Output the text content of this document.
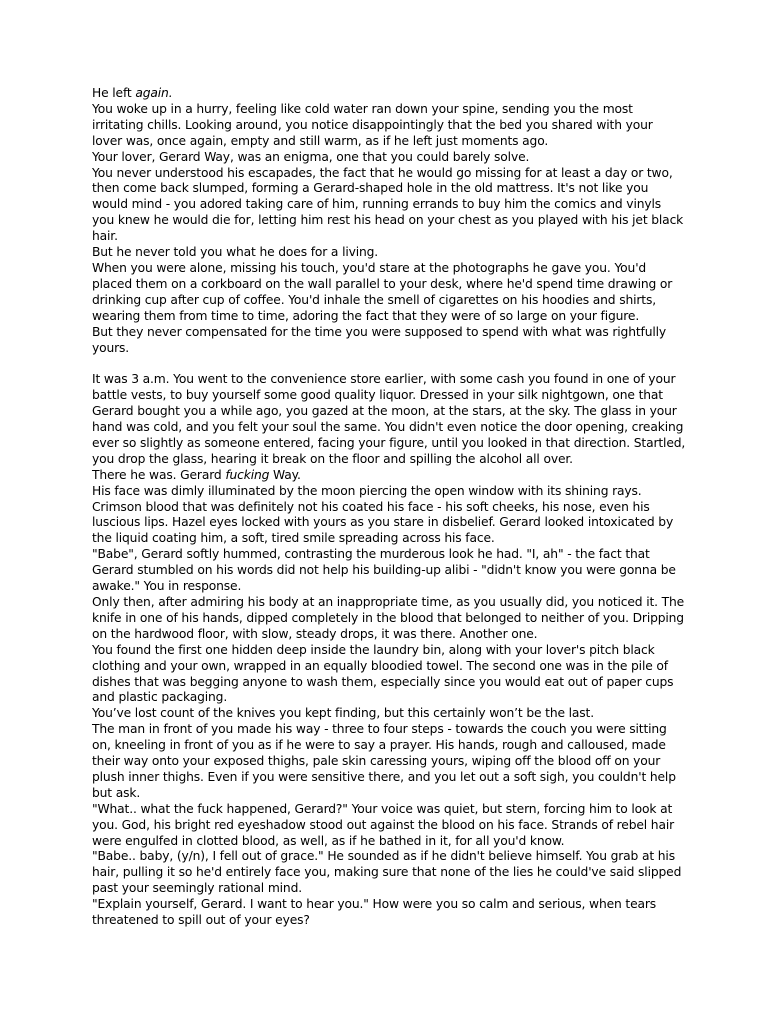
He left again.

You woke up in a hurry, feeling like cold water ran down your spine, sending you the most irritating chills. Looking around, you notice disappointingly that the bed you shared with your lover was, once again, empty and still warm, as if he left just moments ago.

Your lover, Gerard Way, was an enigma, one that you could barely solve.

You never understood his escapades, the fact that he would go missing for at least a day or two, then come back slumped, forming a Gerard-shaped hole in the old mattress. It's not like you would mind - you adored taking care of him, running errands to buy him the comics and vinyls you knew he would die for, letting him rest his head on your chest as you played with his jet black hair.

But he never told you what he does for a living.

When you were alone, missing his touch, you'd stare at the photographs he gave you. You'd placed them on a corkboard on the wall parallel to your desk, where he'd spend time drawing or drinking cup after cup of coffee. You'd inhale the smell of cigarettes on his hoodies and shirts, wearing them from time to time, adoring the fact that they were of so large on your figure.

But they never compensated for the time you were supposed to spend with what was rightfully yours.

It was 3 a.m. You went to the convenience store earlier, with some cash you found in one of your battle vests, to buy yourself some good quality liquor. Dressed in your silk nightgown, one that Gerard bought you a while ago, you gazed at the moon, at the stars, at the sky. The glass in your hand was cold, and you felt your soul the same. You didn't even notice the door opening, creaking ever so slightly as someone entered, facing your figure, until you looked in that direction. Startled, you drop the glass, hearing it break on the floor and spilling the alcohol all over.

There he was. Gerard fucking Way.

His face was dimly illuminated by the moon piercing the open window with its shining rays. Crimson blood that was definitely not his coated his face - his soft cheeks, his nose, even his luscious lips. Hazel eyes locked with yours as you stare in disbelief. Gerard looked intoxicated by the liquid coating him, a soft, tired smile spreading across his face.

"Babe", Gerard softly hummed, contrasting the murderous look he had. "I, ah" - the fact that Gerard stumbled on his words did not help his building-up alibi - "didn't know you were gonna be awake." You in response.

Only then, after admiring his body at an inappropriate time, as you usually did, you noticed it. The knife in one of his hands, dipped completely in the blood that belonged to neither of you. Dripping on the hardwood floor, with slow, steady drops, it was there. Another one.

You found the first one hidden deep inside the laundry bin, along with your lover's pitch black clothing and your own, wrapped in an equally bloodied towel. The second one was in the pile of dishes that was begging anyone to wash them, especially since you would eat out of paper cups and plastic packaging.

You’ve lost count of the knives you kept finding, but this certainly won’t be the last.

The man in front of you made his way - three to four steps - towards the couch you were sitting on, kneeling in front of you as if he were to say a prayer. His hands, rough and calloused, made their way onto your exposed thighs, pale skin caressing yours, wiping off the blood off on your plush inner thighs. Even if you were sensitive there, and you let out a soft sigh, you couldn't help but ask.

"What.. what the fuck happened, Gerard?" Your voice was quiet, but stern, forcing him to look at you. God, his bright red eyeshadow stood out against the blood on his face. Strands of rebel hair were engulfed in clotted blood, as well, as if he bathed in it, for all you'd know.

"Babe.. baby, (y/n), I fell out of grace." He sounded as if he didn't believe himself. You grab at his hair, pulling it so he'd entirely face you, making sure that none of the lies he could've said slipped past your seemingly rational mind.

"Explain yourself, Gerard. I want to hear you." How were you so calm and serious, when tears threatened to spill out of your eyes?
